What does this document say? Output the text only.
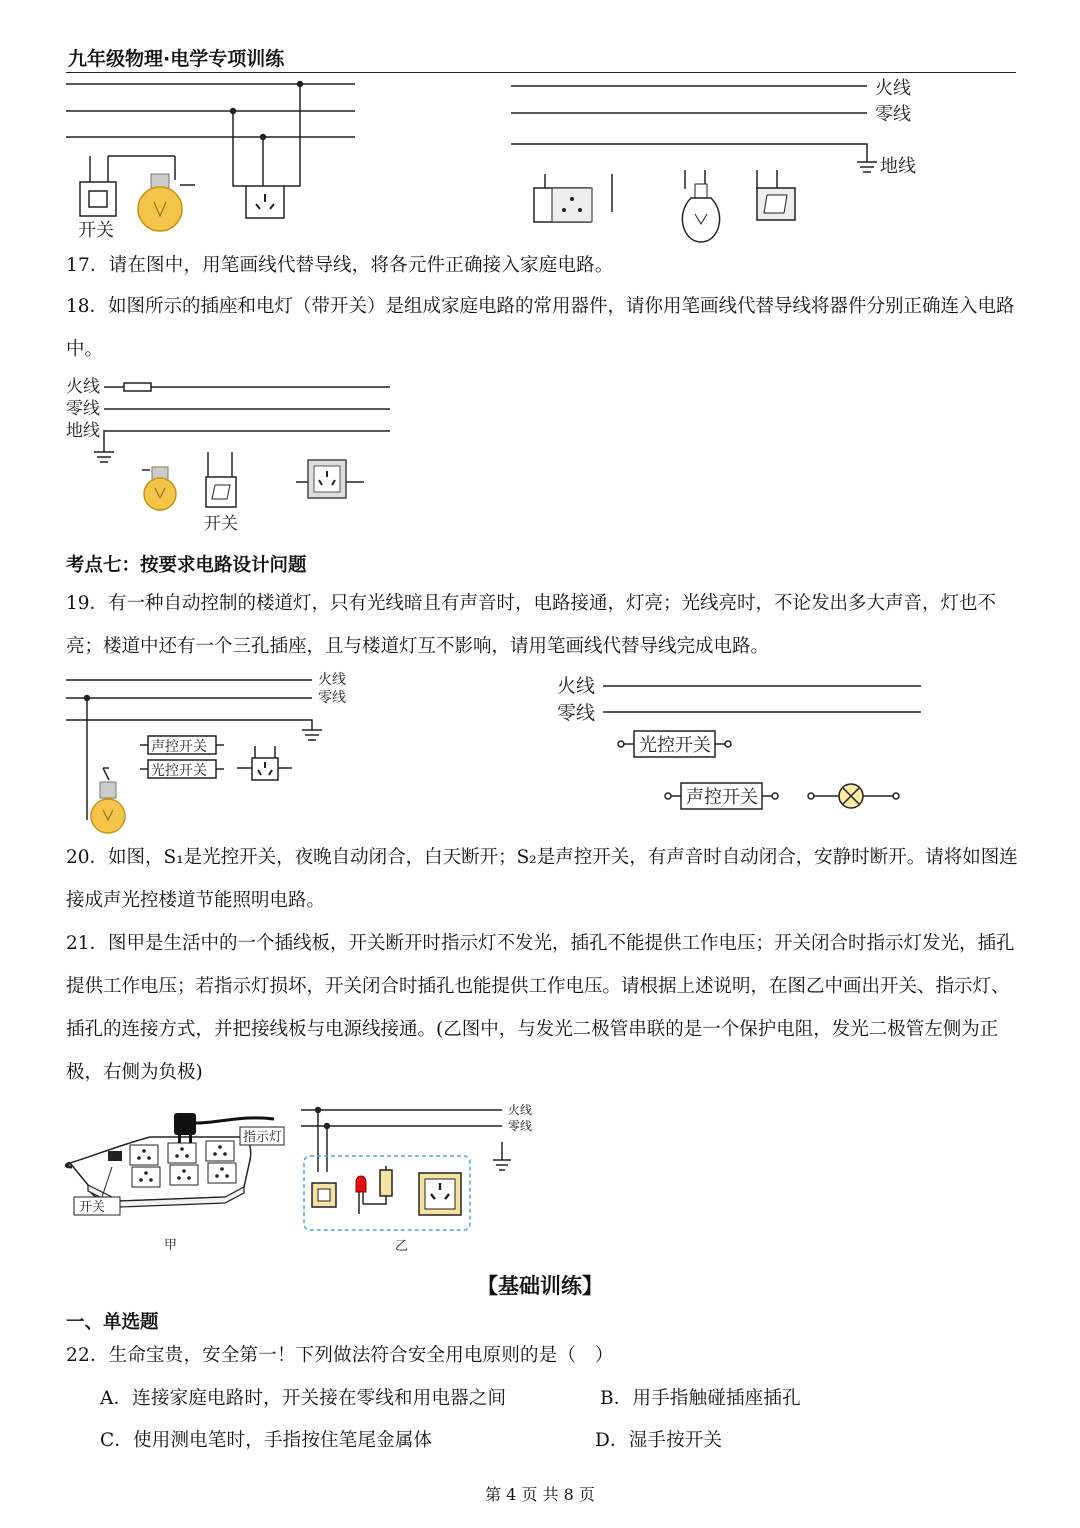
九年级物理·电学专项训练
开关
火线
零线
地线
17．请在图中，用笔画线代替导线，将各元件正确接入家庭电路。
18．如图所示的插座和电灯（带开关）是组成家庭电路的常用器件，请你用笔画线代替导线将器件分别正确连入电路中。
火线
零线
地线
开关
考点七：按要求电路设计问题
19．有一种自动控制的楼道灯，只有光线暗且有声音时，电路接通，灯亮；光线亮时，不论发出多大声音，灯也不亮；楼道中还有一个三孔插座，且与楼道灯互不影响，请用笔画线代替导线完成电路。
声控开关
光控开关
火线
零线
光控开关
声控开关
火线
零线
20．如图，S₁是光控开关，夜晚自动闭合，白天断开；S₂是声控开关，有声音时自动闭合，安静时断开。请将如图连接成声光控楼道节能照明电路。
21．图甲是生活中的一个插线板，开关断开时指示灯不发光，插孔不能提供工作电压；开关闭合时指示灯发光，插孔提供工作电压；若指示灯损坏，开关闭合时插孔也能提供工作电压。请根据上述说明，在图乙中画出开关、指示灯、插孔的连接方式，并把接线板与电源线接通。(乙图中，与发光二极管串联的是一个保护电阻，发光二极管左侧为正极，右侧为负极)
指示灯
开关
甲
火线
零线
乙
【基础训练】
一、单选题
22．生命宝贵，安全第一！下列做法符合安全用电原则的是（　）
A．连接家庭电路时，开关接在零线和用电器之间	B．用手指触碰插座插孔
C．使用测电笔时，手指按住笔尾金属体	D．湿手按开关
第 4 页 共 8 页
